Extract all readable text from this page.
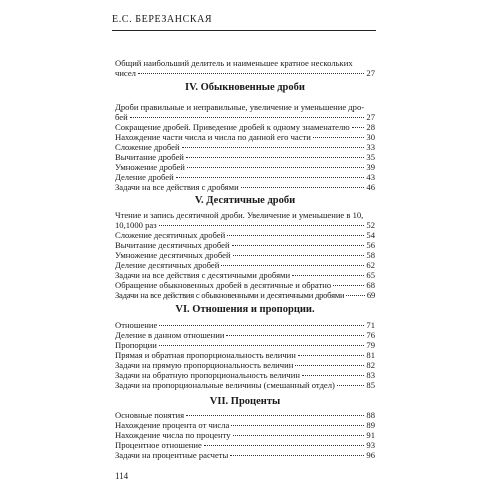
Е.С. БЕРЕЗАНСКАЯ
Общий наибольший делитель и наименьшее кратное нескольких
чисел	27
IV. Обыкновенные дроби
Дроби правильные и неправильные, увеличение и уменьшение дро-
бей	27
Сокращение дробей. Приведение дробей к одному знаменателю 28
Нахождение части числа и числа по данной его части	30
Сложение дробей	33
Вычитание дробей	35
Умножение дробей	39
Деление дробей	43
Задачи на все действия с дробями	46
V. Десятичные дроби
Чтение и запись десятичной дроби. Увеличение и уменьшение в 10,
10,1000 раз	52
Сложение десятичных дробей	54
Вычитание десятичных дробей	56
Умножение десятичных дробей	58
Деление десятичных дробей	62
Задачи на все действия с десятичными дробями	65
Обращение обыкновенных дробей в десятичные и обратно	68
Задачи на все действия с обыкновенными и десятичными дробями	69
VI. Отношения и пропорции.
Отношение	71
Деление в данном отношении	76
Пропорции	79
Прямая и обратная пропорциональность величин	81
Задачи на прямую пропорциональность величин	82
Задачи на обратную пропорциональность величин	83
Задачи на пропорциональные величины (смешанный отдел)	85
VII. Проценты
Основные понятия	88
Нахождение процента от числа	89
Нахождение числа по проценту	91
Процентное отношение	93
Задачи на процентные расчеты	96
114
